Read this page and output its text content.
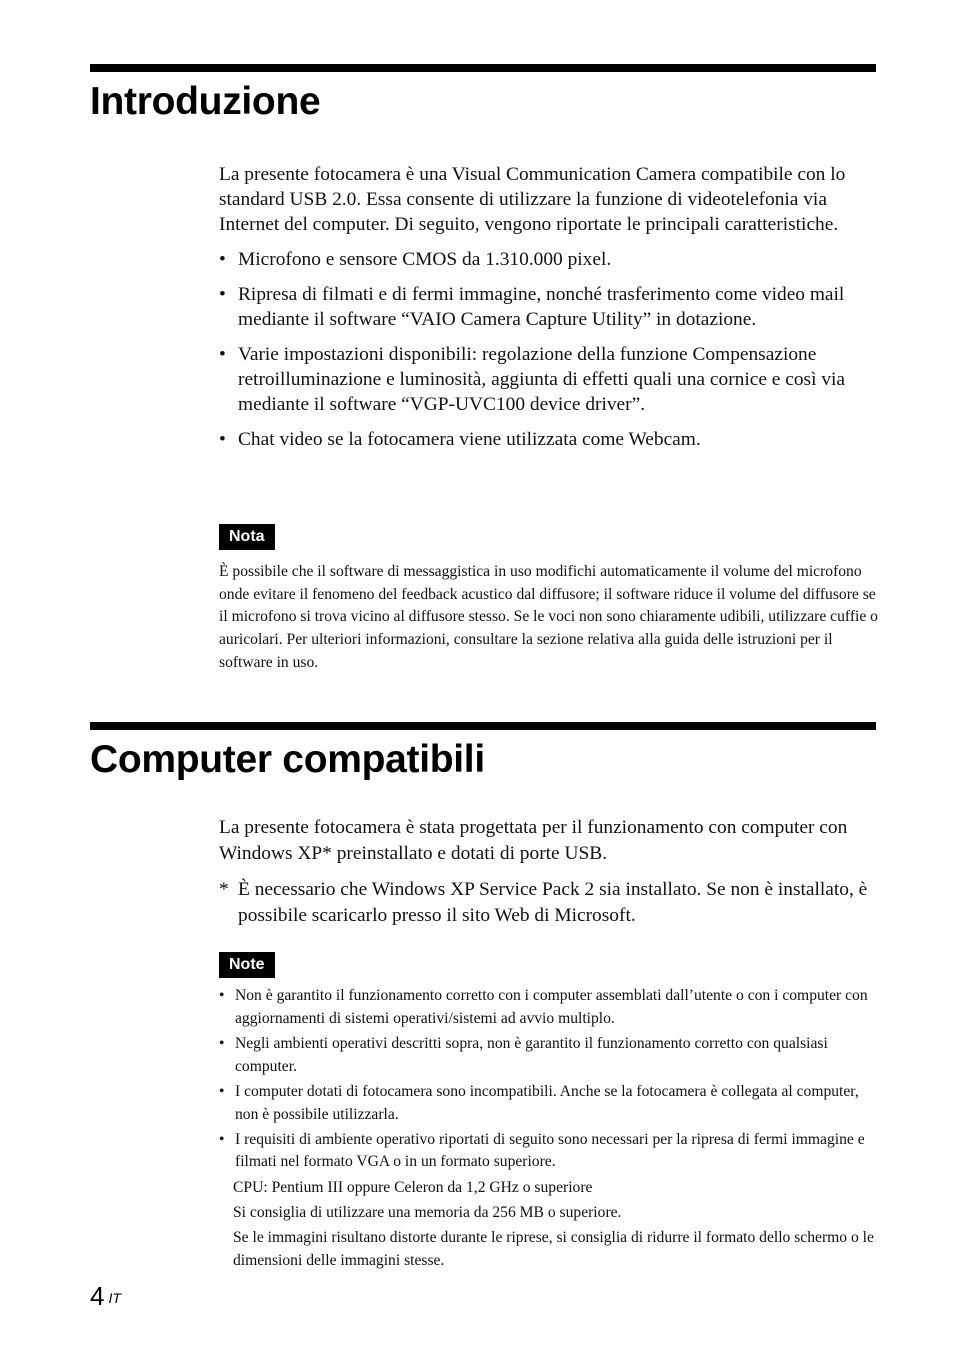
Introduzione

La presente fotocamera è una Visual Communication Camera compatibile con lo standard USB 2.0. Essa consente di utilizzare la funzione di videotelefonia via Internet del computer. Di seguito, vengono riportate le principali caratteristiche.

• Microfono e sensore CMOS da 1.310.000 pixel.
• Ripresa di filmati e di fermi immagine, nonché trasferimento come video mail mediante il software “VAIO Camera Capture Utility” in dotazione.
• Varie impostazioni disponibili: regolazione della funzione Compensazione retroilluminazione e luminosità, aggiunta di effetti quali una cornice e così via mediante il software “VGP-UVC100 device driver”.
• Chat video se la fotocamera viene utilizzata come Webcam.
Nota

È possibile che il software di messaggistica in uso modifichi automaticamente il volume del microfono onde evitare il fenomeno del feedback acustico dal diffusore; il software riduce il volume del diffusore se il microfono si trova vicino al diffusore stesso. Se le voci non sono chiaramente udibili, utilizzare cuffie o auricolari. Per ulteriori informazioni, consultare la sezione relativa alla guida delle istruzioni per il software in uso.

Computer compatibili

La presente fotocamera è stata progettata per il funzionamento con computer con Windows XP* preinstallato e dotati di porte USB.

* È necessario che Windows XP Service Pack 2 sia installato. Se non è installato, è possibile scaricarlo presso il sito Web di Microsoft.

Note
• Non è garantito il funzionamento corretto con i computer assemblati dall’utente o con i computer con aggiornamenti di sistemi operativi/sistemi ad avvio multiplo.
• Negli ambienti operativi descritti sopra, non è garantito il funzionamento corretto con qualsiasi computer.
• I computer dotati di fotocamera sono incompatibili. Anche se la fotocamera è collegata al computer, non è possibile utilizzarla.
• I requisiti di ambiente operativo riportati di seguito sono necessari per la ripresa di fermi immagine e filmati nel formato VGA o in un formato superiore.

CPU: Pentium III oppure Celeron da 1,2 GHz o superiore

Si consiglia di utilizzare una memoria da 256 MB o superiore.

Se le immagini risultano distorte durante le riprese, si consiglia di ridurre il formato dello schermo o le dimensioni delle immagini stesse.

4 $^{IT}$
